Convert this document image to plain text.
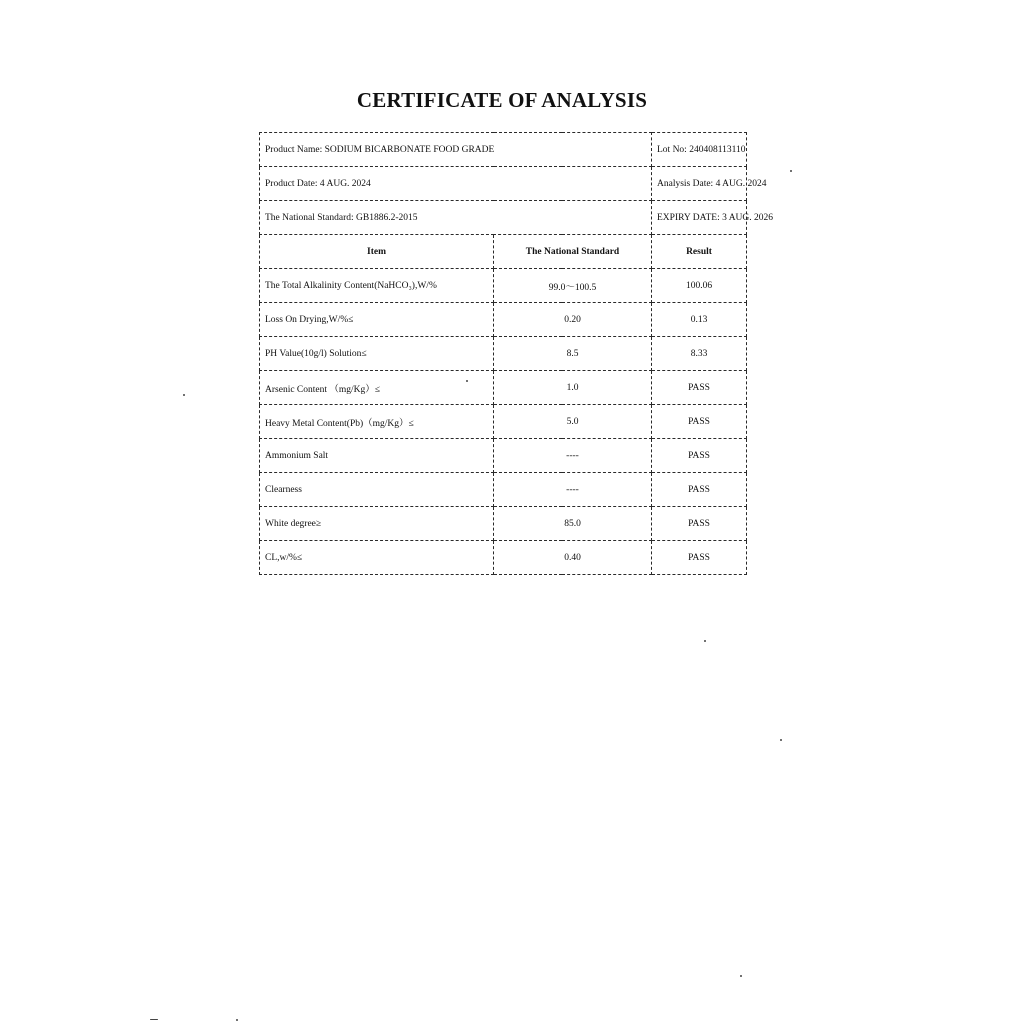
CERTIFICATE OF ANALYSIS
Product Name: SODIUM BICARBONATE FOOD GRADE		Lot No: 240408113110
Product Date: 4 AUG. 2024		Analysis Date: 4 AUG. 2024
The National Standard: GB1886.2-2015		EXPIRY DATE: 3 AUG. 2026
Item	The National Standard	Result
The Total Alkalinity Content(NaHCO₃),W/%	99.0〜100.5	100.06
Loss On Drying,W/%≤	0.20	0.13
PH Value(10g/l) Solution≤	8.5	8.33
Arsenic Content （mg/Kg）≤	1.0	PASS
Heavy Metal Content(Pb)（mg/Kg）≤	5.0	PASS
Ammonium Salt	----	PASS
Clearness	----	PASS
White degree≥	85.0	PASS
CL,w/%≤	0.40	PASS
